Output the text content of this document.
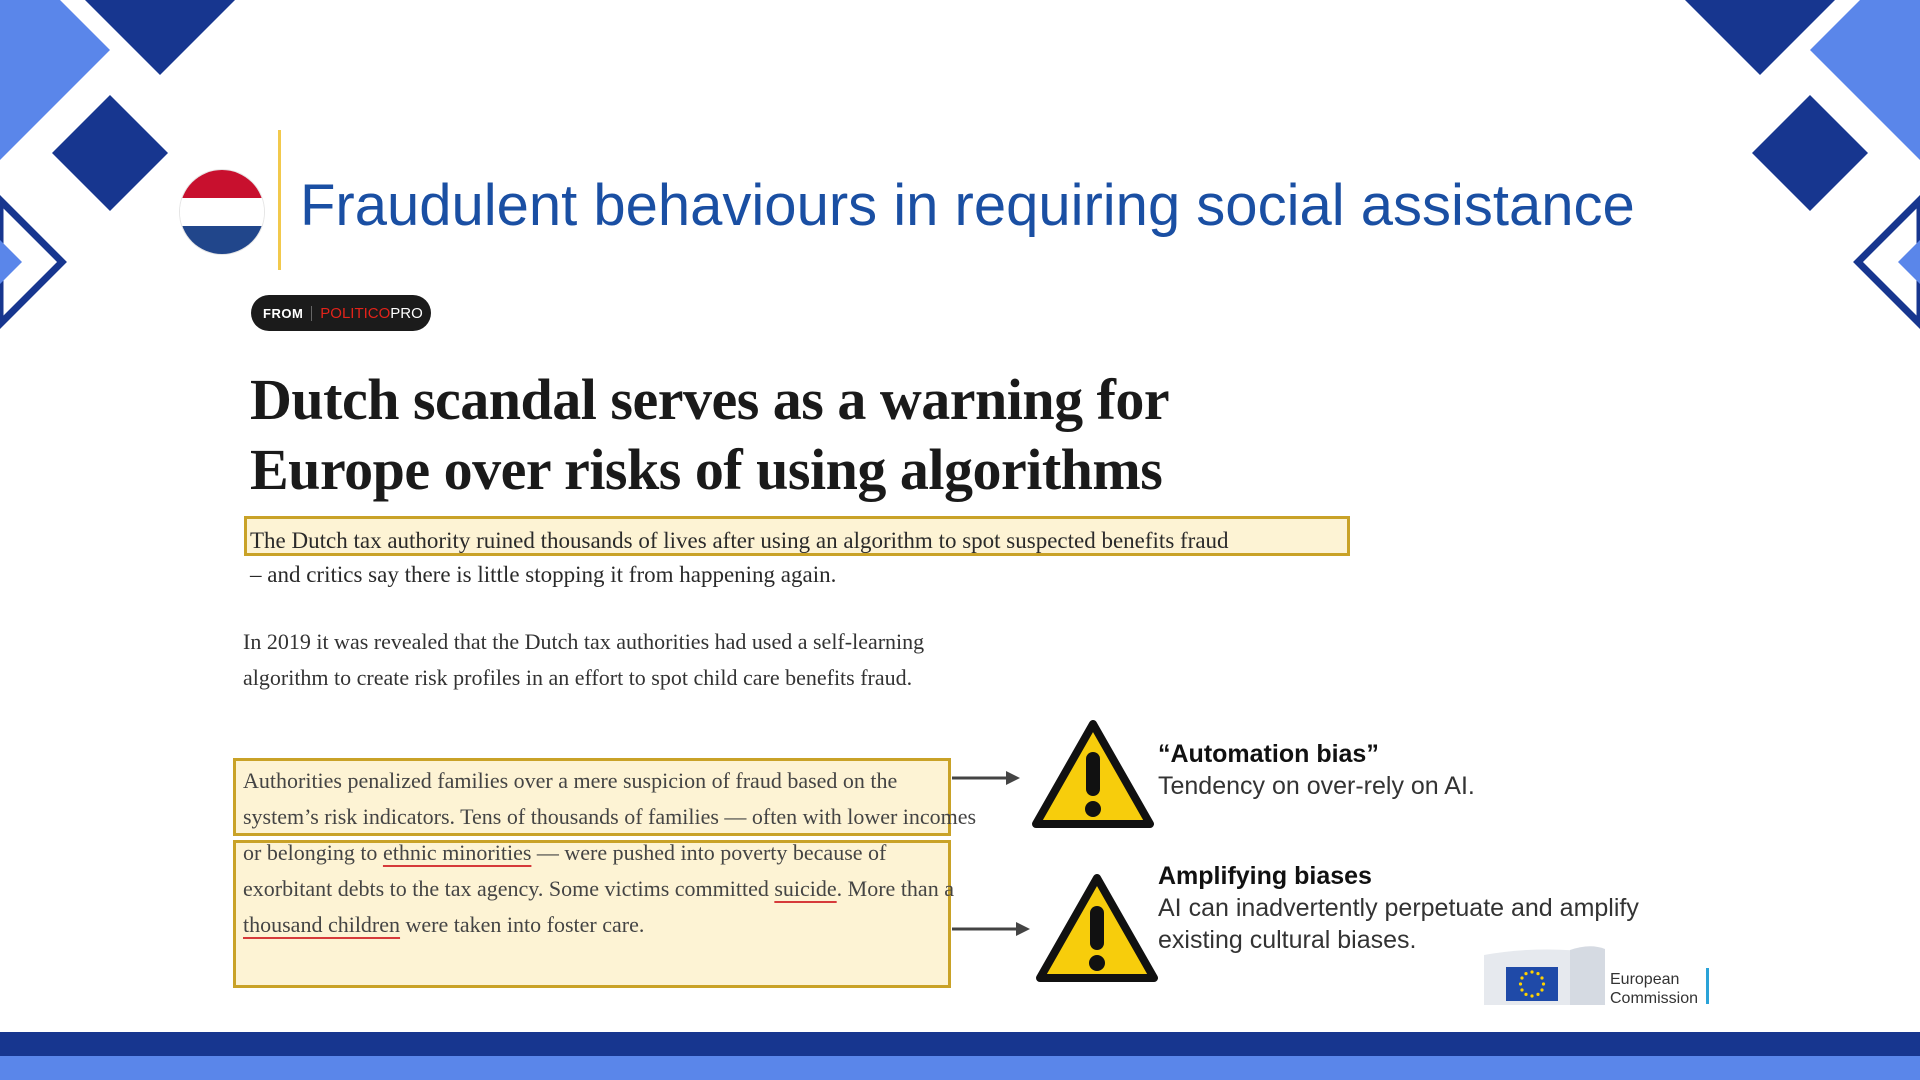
Fraudulent behaviours in requiring social assistance
FROM	POLITICO PRO
Dutch scandal serves as a warning for
Europe over risks of using algorithms

The Dutch tax authority ruined thousands of lives after using an algorithm to spot suspected benefits fraud
– and critics say there is little stopping it from happening again.

In 2019 it was revealed that the Dutch tax authorities had used a self-learning algorithm to create risk profiles in an effort to spot child care benefits fraud.

Authorities penalized families over a mere suspicion of fraud based on the system’s risk indicators. Tens of thousands of families — often with lower incomes or belonging to ethnic minorities — were pushed into poverty because of exorbitant debts to the tax agency. Some victims committed suicide. More than a thousand children were taken into foster care.

“Automation bias”
Tendency on over-rely on AI.
Amplifying biases
AI can inadvertently perpetuate and amplify existing cultural biases.
European
Commission
